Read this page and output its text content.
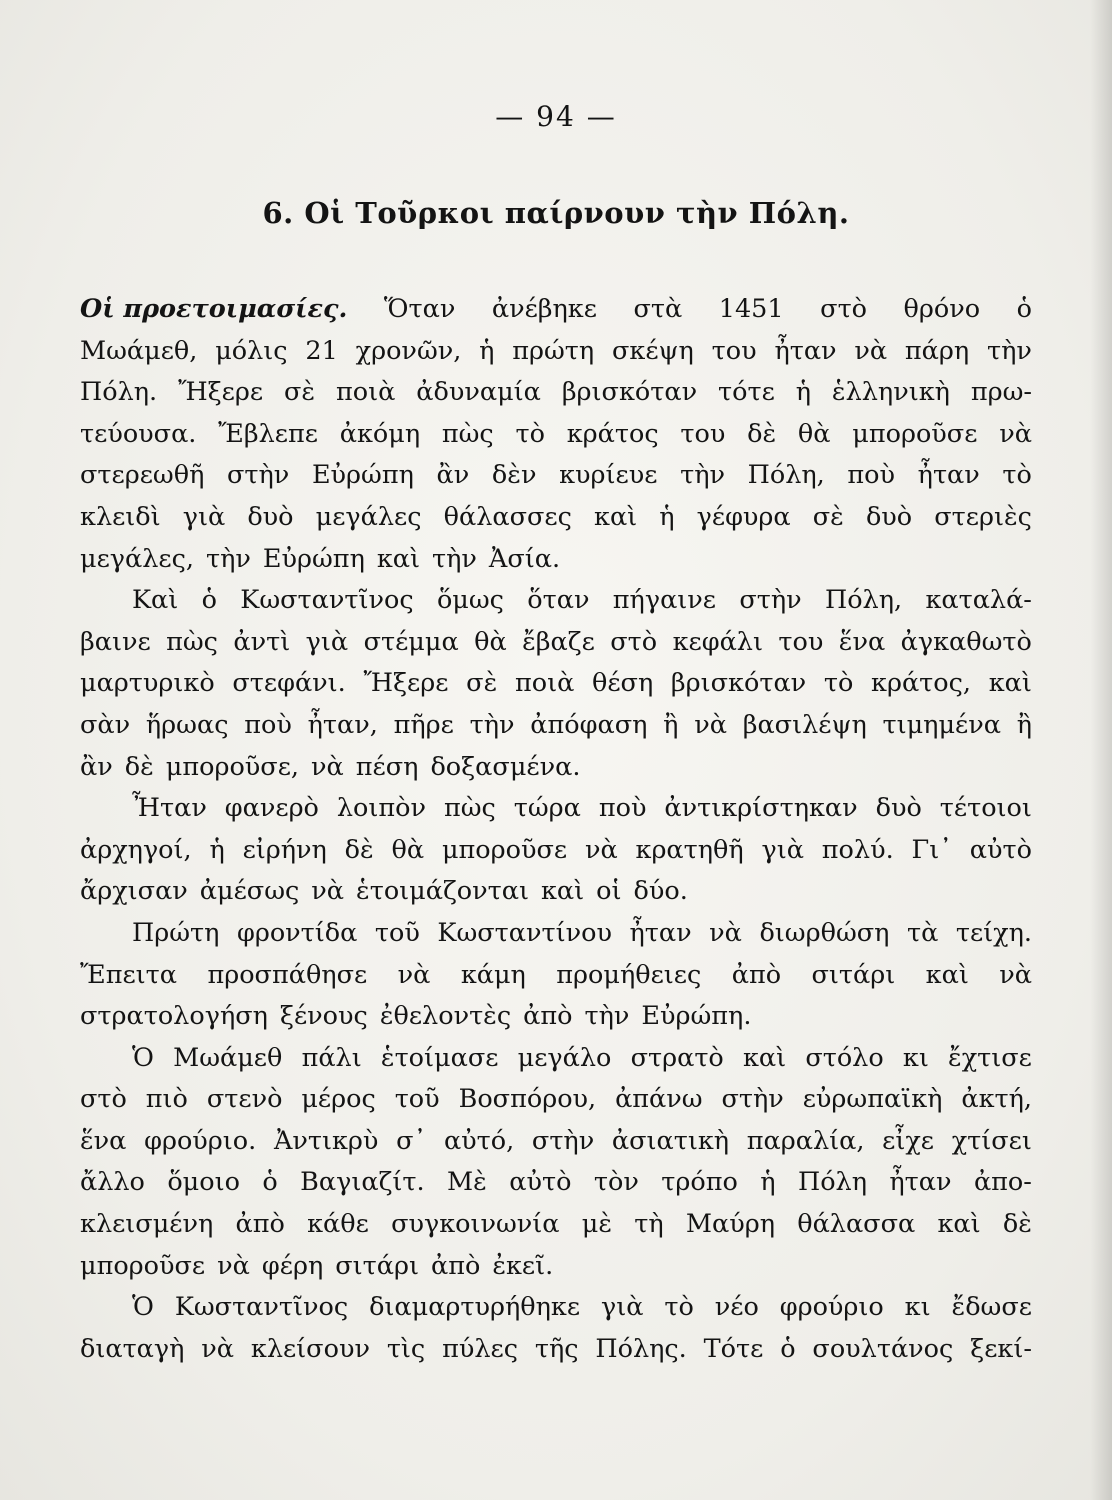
— 94 —
6. Οἱ Τοῦρκοι παίρνουν τὴν Πόλη.
Οἱ προετοιμασίες. Ὅταν ἀνέβηκε στὰ 1451 στὸ θρόνο ὁ
Μωάμεθ, μόλις 21 χρονῶν, ἡ πρώτη σκέψη του ἦταν νὰ πάρη τὴν
Πόλη. Ἤξερε σὲ ποιὰ ἀδυναμία βρισκόταν τότε ἡ ἑλληνικὴ πρω-
τεύουσα. Ἔβλεπε ἀκόμη πὼς τὸ κράτος του δὲ θὰ μποροῦσε νὰ
στερεωθῆ στὴν Εὐρώπη ἂν δὲν κυρίευε τὴν Πόλη, ποὺ ἦταν τὸ
κλειδὶ γιὰ δυὸ μεγάλες θάλασσες καὶ ἡ γέφυρα σὲ δυὸ στεριὲς
μεγάλες, τὴν Εὐρώπη καὶ τὴν Ἀσία.
Καὶ ὁ Κωσταντῖνος ὅμως ὅταν πήγαινε στὴν Πόλη, καταλά-
βαινε πὼς ἀντὶ γιὰ στέμμα θὰ ἔβαζε στὸ κεφάλι του ἕνα ἀγκαθωτὸ
μαρτυρικὸ στεφάνι. Ἤξερε σὲ ποιὰ θέση βρισκόταν τὸ κράτος, καὶ
σὰν ἥρωας ποὺ ἦταν, πῆρε τὴν ἀπόφαση ἢ νὰ βασιλέψη τιμημένα ἢ
ἂν δὲ μποροῦσε, νὰ πέση δοξασμένα.
Ἦταν φανερὸ λοιπὸν πὼς τώρα ποὺ ἀντικρίστηκαν δυὸ τέτοιοι
ἀρχηγοί, ἡ εἰρήνη δὲ θὰ μποροῦσε νὰ κρατηθῆ γιὰ πολύ. Γι᾽ αὐτὸ
ἄρχισαν ἀμέσως νὰ ἑτοιμάζονται καὶ οἱ δύο.
Πρώτη φροντίδα τοῦ Κωσταντίνου ἦταν νὰ διωρθώση τὰ τείχη.
Ἔπειτα προσπάθησε νὰ κάμη προμήθειες ἀπὸ σιτάρι καὶ νὰ
στρατολογήση ξένους ἐθελοντὲς ἀπὸ τὴν Εὐρώπη.
Ὁ Μωάμεθ πάλι ἑτοίμασε μεγάλο στρατὸ καὶ στόλο κι ἔχτισε
στὸ πιὸ στενὸ μέρος τοῦ Βοσπόρου, ἀπάνω στὴν εὐρωπαϊκὴ ἀκτή,
ἕνα φρούριο. Ἀντικρὺ σ᾽ αὐτό, στὴν ἀσιατικὴ παραλία, εἶχε χτίσει
ἄλλο ὅμοιο ὁ Βαγιαζίτ. Μὲ αὐτὸ τὸν τρόπο ἡ Πόλη ἦταν ἀπο-
κλεισμένη ἀπὸ κάθε συγκοινωνία μὲ τὴ Μαύρη θάλασσα καὶ δὲ
μποροῦσε νὰ φέρη σιτάρι ἀπὸ ἐκεῖ.
Ὁ Κωσταντῖνος διαμαρτυρήθηκε γιὰ τὸ νέο φρούριο κι ἔδωσε
διαταγὴ νὰ κλείσουν τὶς πύλες τῆς Πόλης. Τότε ὁ σουλτάνος ξεκί-
